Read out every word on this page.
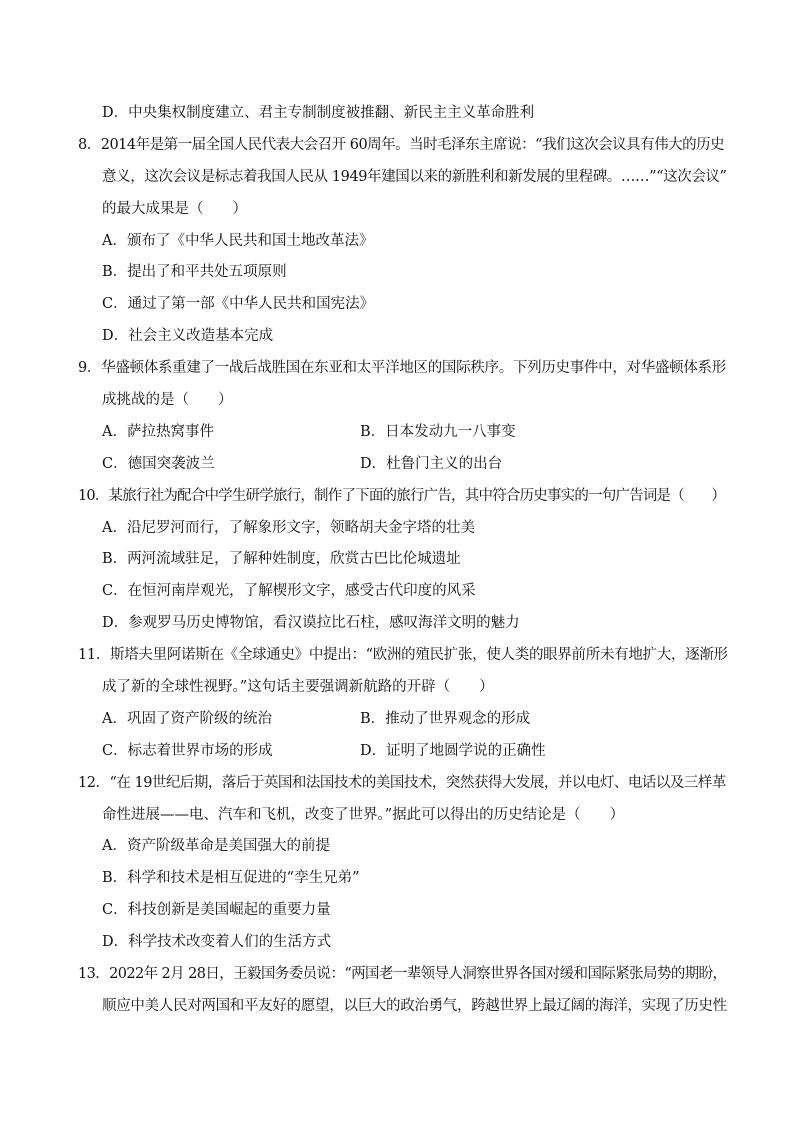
D．中央集权制度建立、君主专制制度被推翻、新民主主义革命胜利
8．2014年是第一届全国人民代表大会召开 60周年。当时毛泽东主席说：“我们这次会议具有伟大的历史
意义，这次会议是标志着我国人民从 1949年建国以来的新胜利和新发展的里程碑。……”“这次会议”
的最大成果是（　　）
A．颁布了《中华人民共和国土地改革法》
B．提出了和平共处五项原则
C．通过了第一部《中华人民共和国宪法》
D．社会主义改造基本完成
9．华盛顿体系重建了一战后战胜国在东亚和太平洋地区的国际秩序。下列历史事件中，对华盛顿体系形
成挑战的是（　　）
A．萨拉热窝事件	B．日本发动九一八事变
C．德国突袭波兰	D．杜鲁门主义的出台
10．某旅行社为配合中学生研学旅行，制作了下面的旅行广告，其中符合历史事实的一句广告词是（　　）
A．沿尼罗河而行，了解象形文字，领略胡夫金字塔的壮美
B．两河流域驻足，了解种姓制度，欣赏古巴比伦城遗址
C．在恒河南岸观光，了解楔形文字，感受古代印度的风采
D．参观罗马历史博物馆，看汉谟拉比石柱，感叹海洋文明的魅力
11．斯塔夫里阿诺斯在《全球通史》中提出：“欧洲的殖民扩张，使人类的眼界前所未有地扩大，逐渐形
成了新的全球性视野。”这句话主要强调新航路的开辟（　　）
A．巩固了资产阶级的统治	B．推动了世界观念的形成
C．标志着世界市场的形成	D．证明了地圆学说的正确性
12．“在 19世纪后期，落后于英国和法国技术的美国技术，突然获得大发展，并以电灯、电话以及三样革
命性进展——电、汽车和飞机，改变了世界。”据此可以得出的历史结论是（　　）
A．资产阶级革命是美国强大的前提
B．科学和技术是相互促进的“孪生兄弟”
C．科技创新是美国崛起的重要力量
D．科学技术改变着人们的生活方式
13．2022年 2月 28日，王毅国务委员说：“两国老一辈领导人洞察世界各国对缓和国际紧张局势的期盼，
顺应中美人民对两国和平友好的愿望，以巨大的政治勇气，跨越世界上最辽阔的海洋，实现了历史性
